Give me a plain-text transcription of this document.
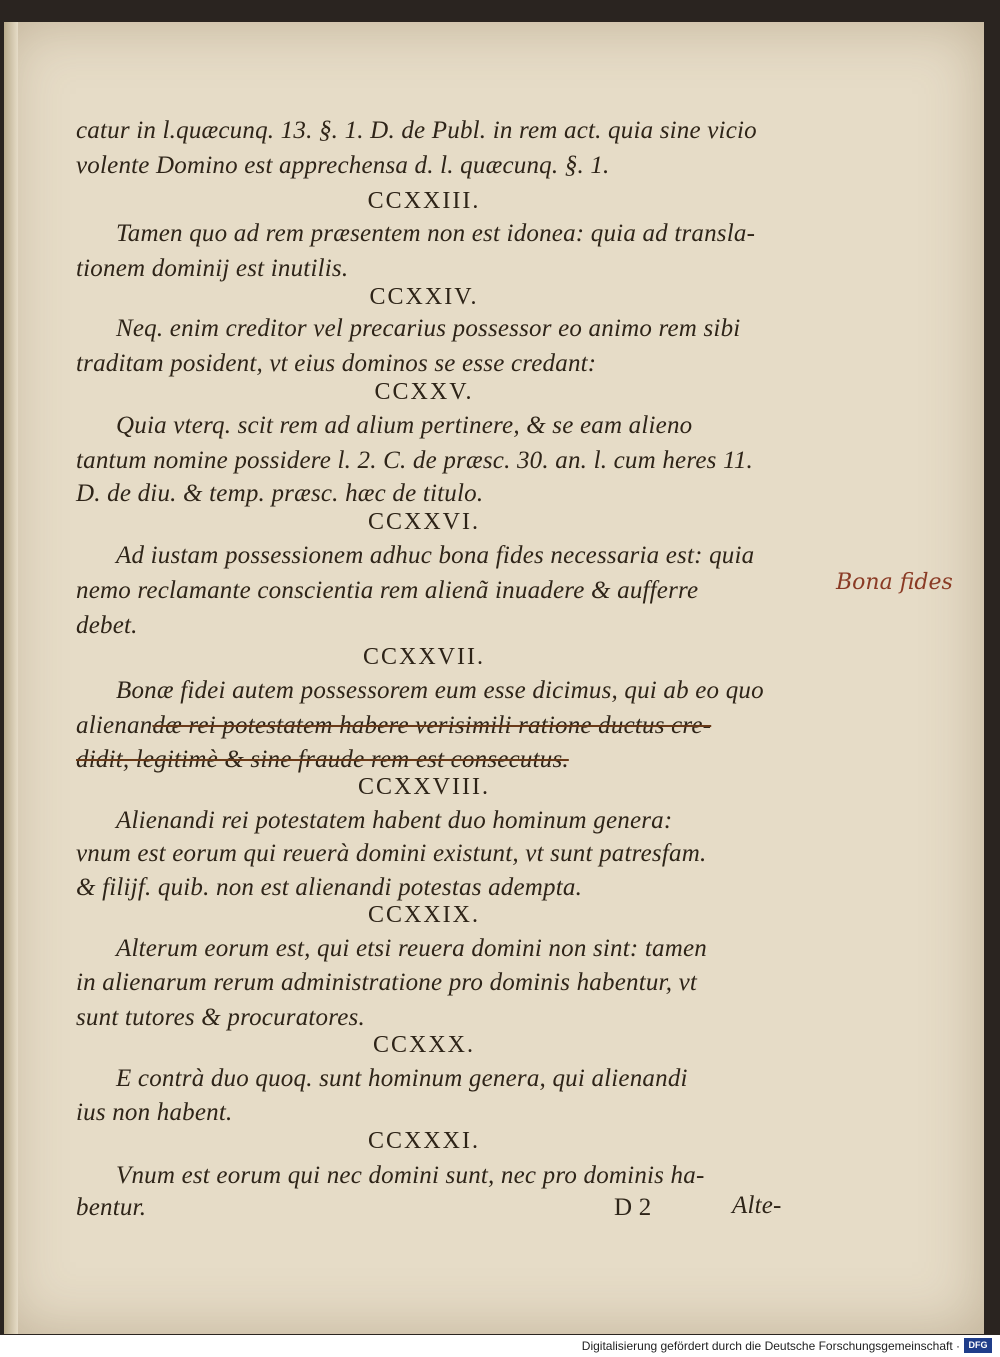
catur in l.quæcunq. 13. §. 1. D. de Publ. in rem act. quia sine vicio

volente Domino est apprechensa d. l. quæcunq. §. 1.

CCXXIII.

Tamen quo ad rem præsentem non est idonea: quia ad transla-

tionem dominij est inutilis.

CCXXIV.

Neq. enim creditor vel precarius possessor eo animo rem sibi

traditam posident, vt eius dominos se esse credant:

CCXXV.

Quia vterq. scit rem ad alium pertinere, & se eam alieno

tantum nomine possidere l. 2. C. de præsc. 30. an. l. cum heres 11.

D. de diu. & temp. præsc. hæc de titulo.

CCXXVI.

Ad iustam possessionem adhuc bona fides necessaria est: quia

nemo reclamante conscientia rem alienã inuadere & aufferre

debet.

CCXXVII.

Bonæ fidei autem possessorem eum esse dicimus, qui ab eo quo

alienandæ rei potestatem habere verisimili ratione ductus cre-

didit, legitimè & sine fraude rem est consecutus.

CCXXVIII.

Alienandi rei potestatem habent duo hominum genera:

vnum est eorum qui reuerà domini existunt, vt sunt patresfam.

& filijf. quib. non est alienandi potestas adempta.

CCXXIX.

Alterum eorum est, qui etsi reuera domini non sint: tamen

in alienarum rerum administratione pro dominis habentur, vt

sunt tutores & procuratores.

CCXXX.

E contrà duo quoq. sunt hominum genera, qui alienandi

ius non habent.

CCXXXI.

Vnum est eorum qui nec domini sunt, nec pro dominis ha-

bentur.	D 2	Alte-

Bona fides
Digitalisierung gefördert durch die Deutsche Forschungsgemeinschaft · DFG
